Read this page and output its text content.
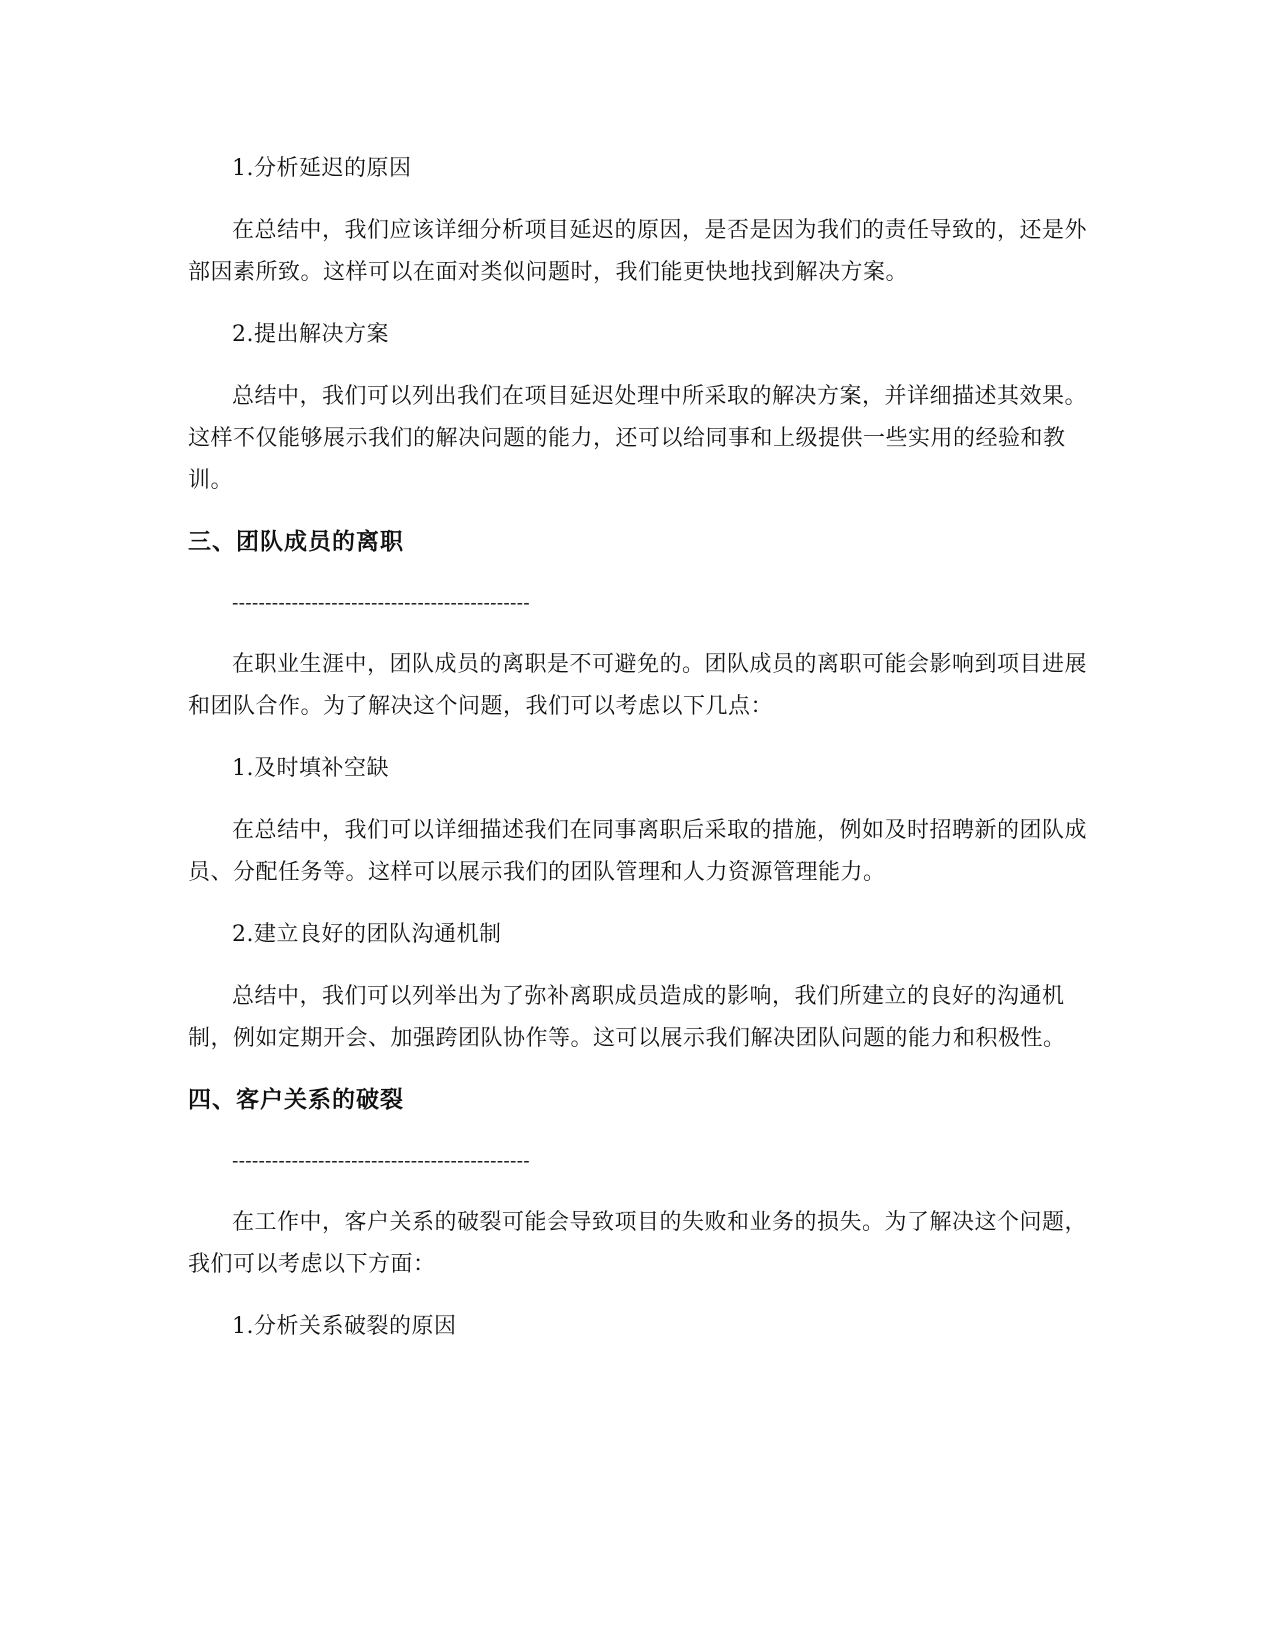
1.分析延迟的原因

在总结中，我们应该详细分析项目延迟的原因，是否是因为我们的责任导致的，还是外部因素所致。这样可以在面对类似问题时，我们能更快地找到解决方案。

2.提出解决方案

总结中，我们可以列出我们在项目延迟处理中所采取的解决方案，并详细描述其效果。这样不仅能够展示我们的解决问题的能力，还可以给同事和上级提供一些实用的经验和教训。

三、团队成员的离职
---------------------------------------------

在职业生涯中，团队成员的离职是不可避免的。团队成员的离职可能会影响到项目进展和团队合作。为了解决这个问题，我们可以考虑以下几点：

1.及时填补空缺

在总结中，我们可以详细描述我们在同事离职后采取的措施，例如及时招聘新的团队成员、分配任务等。这样可以展示我们的团队管理和人力资源管理能力。

2.建立良好的团队沟通机制

总结中，我们可以列举出为了弥补离职成员造成的影响，我们所建立的良好的沟通机制，例如定期开会、加强跨团队协作等。这可以展示我们解决团队问题的能力和积极性。

四、客户关系的破裂
---------------------------------------------

在工作中，客户关系的破裂可能会导致项目的失败和业务的损失。为了解决这个问题，我们可以考虑以下方面：

1.分析关系破裂的原因
